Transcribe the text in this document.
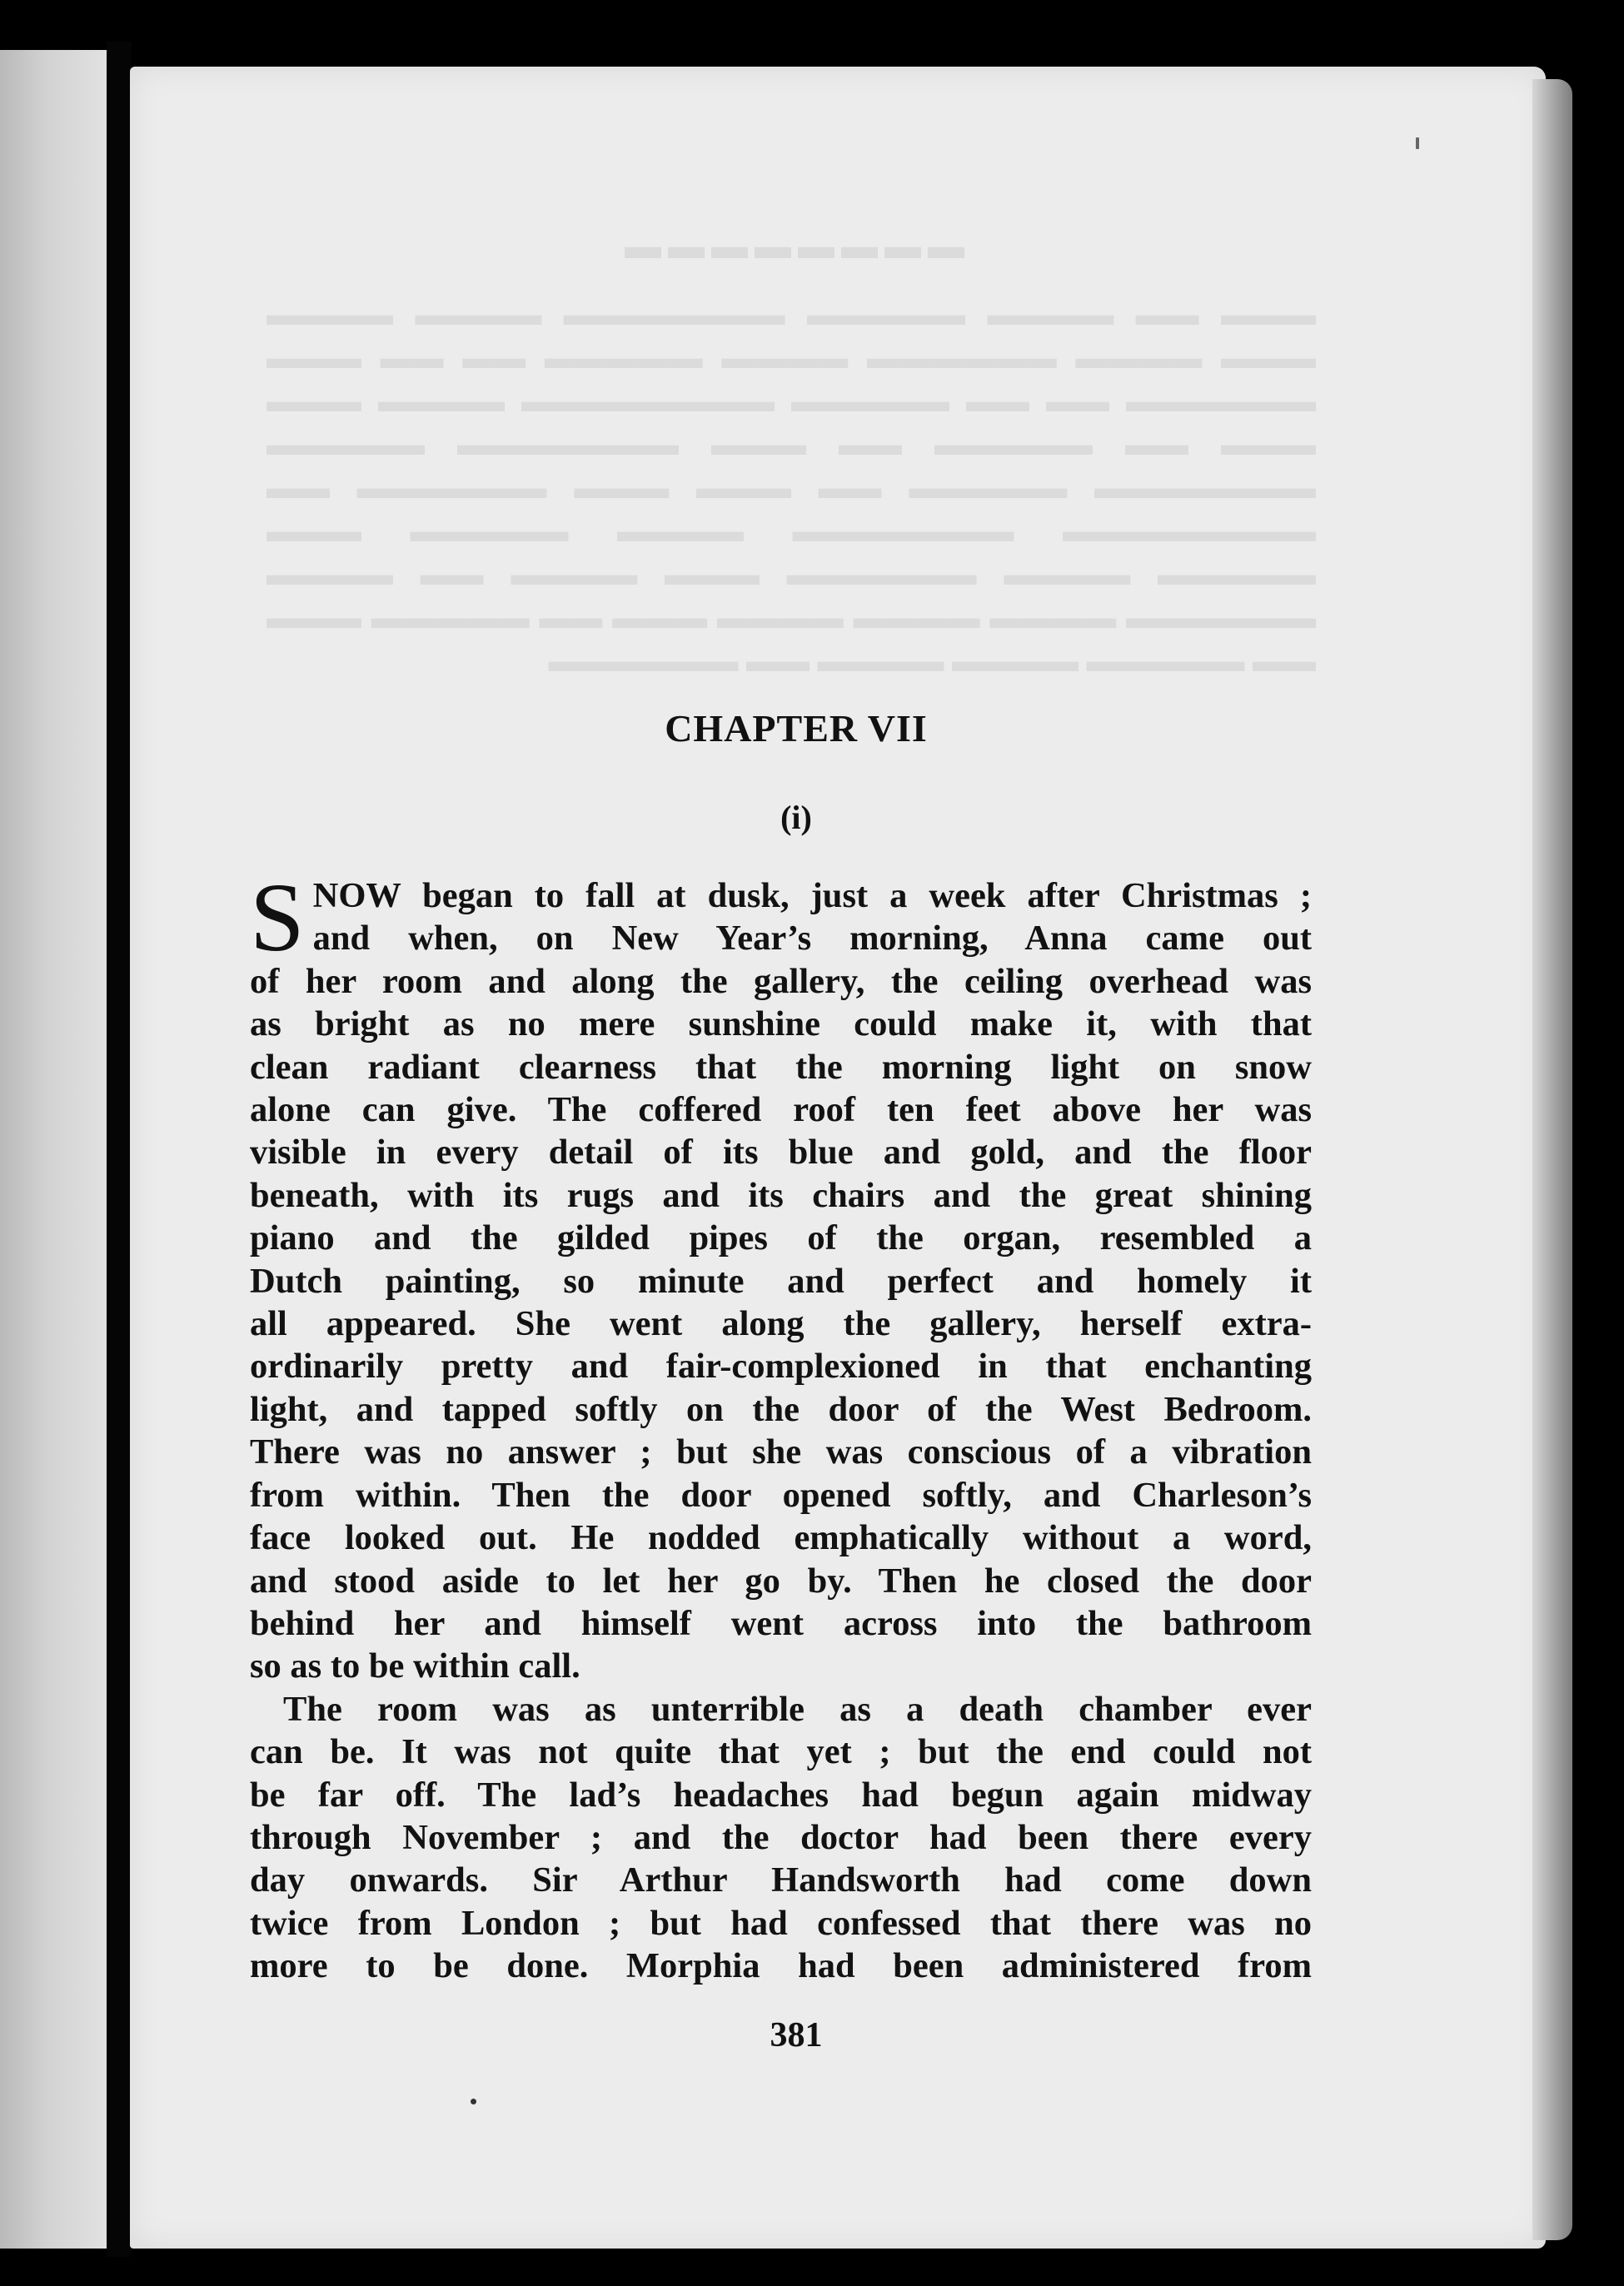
CHAPTER VII
(i)

S NOW began to fall at dusk, just a week after Christmas ;
and when, on New Year’s morning, Anna came out
of her room and along the gallery, the ceiling overhead was
as bright as no mere sunshine could make it, with that
clean radiant clearness that the morning light on snow
alone can give. The coffered roof ten feet above her was
visible in every detail of its blue and gold, and the floor
beneath, with its rugs and its chairs and the great shining
piano and the gilded pipes of the organ, resembled a
Dutch painting, so minute and perfect and homely it
all appeared. She went along the gallery, herself extra-
ordinarily pretty and fair-complexioned in that enchanting
light, and tapped softly on the door of the West Bedroom.
There was no answer ; but she was conscious of a vibration
from within. Then the door opened softly, and Charleson’s
face looked out. He nodded emphatically without a word,
and stood aside to let her go by. Then he closed the door
behind her and himself went across into the bathroom
so as to be within call.

The room was as unterrible as a death chamber ever
can be. It was not quite that yet ; but the end could not
be far off. The lad’s headaches had begun again midway
through November ; and the doctor had been there every
day onwards. Sir Arthur Handsworth had come down
twice from London ; but had confessed that there was no
more to be done. Morphia had been administered from

381
